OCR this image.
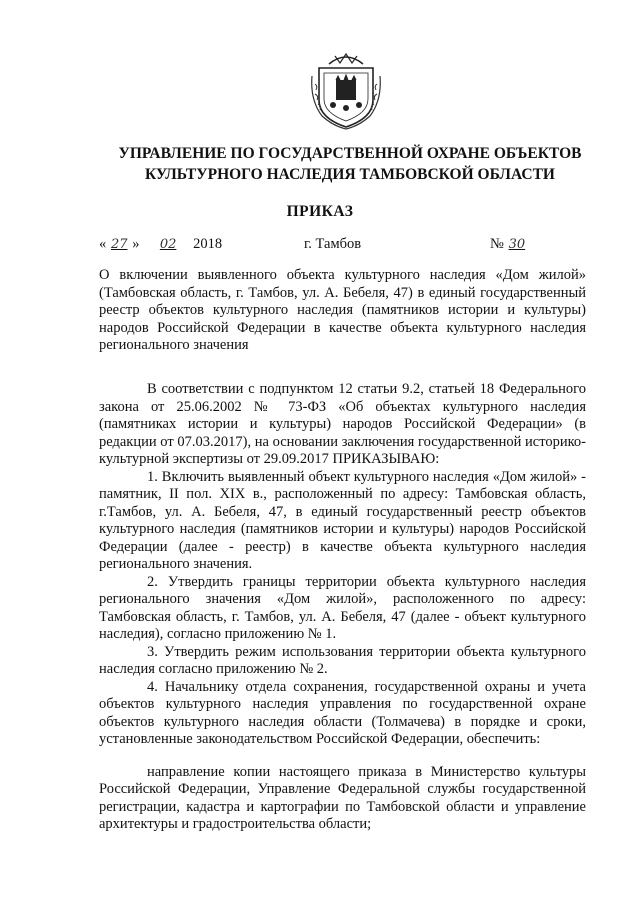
УПРАВЛЕНИЕ ПО ГОСУДАРСТВЕННОЙ ОХРАНЕ ОБЪЕКТОВ
КУЛЬТУРНОГО НАСЛЕДИЯ ТАМБОВСКОЙ ОБЛАСТИ
ПРИКАЗ
« 27 » 02 2018	г. Тамбов	№ 30
О включении выявленного объекта культурного наследия «Дом жилой» (Тамбовская область, г. Тамбов, ул. А. Бебеля, 47) в единый государственный реестр объектов культурного наследия (памятников истории и культуры) народов Российской Федерации в качестве объекта культурного наследия регионального значения

В соответствии с подпунктом 12 статьи 9.2, статьей 18 Федерального закона от 25.06.2002 № 73-ФЗ «Об объектах культурного наследия (памятниках истории и культуры) народов Российской Федерации» (в редакции от 07.03.2017), на основании заключения государственной историко-культурной экспертизы от 29.09.2017 ПРИКАЗЫВАЮ:

1. Включить выявленный объект культурного наследия «Дом жилой» - памятник, II пол. XIX в., расположенный по адресу: Тамбовская область, г.Тамбов, ул. А. Бебеля, 47, в единый государственный реестр объектов культурного наследия (памятников истории и культуры) народов Российской Федерации (далее - реестр) в качестве объекта культурного наследия регионального значения.

2. Утвердить границы территории объекта культурного наследия регионального значения «Дом жилой», расположенного по адресу: Тамбовская область, г. Тамбов, ул. А. Бебеля, 47 (далее - объект культурного наследия), согласно приложению № 1.

3. Утвердить режим использования территории объекта культурного наследия согласно приложению № 2.

4. Начальнику отдела сохранения, государственной охраны и учета объектов культурного наследия управления по государственной охране объектов культурного наследия области (Толмачева) в порядке и сроки, установленные законодательством Российской Федерации, обеспечить:

направление копии настоящего приказа в Министерство культуры Российской Федерации, Управление Федеральной службы государственной регистрации, кадастра и картографии по Тамбовской области и управление архитектуры и градостроительства области;
